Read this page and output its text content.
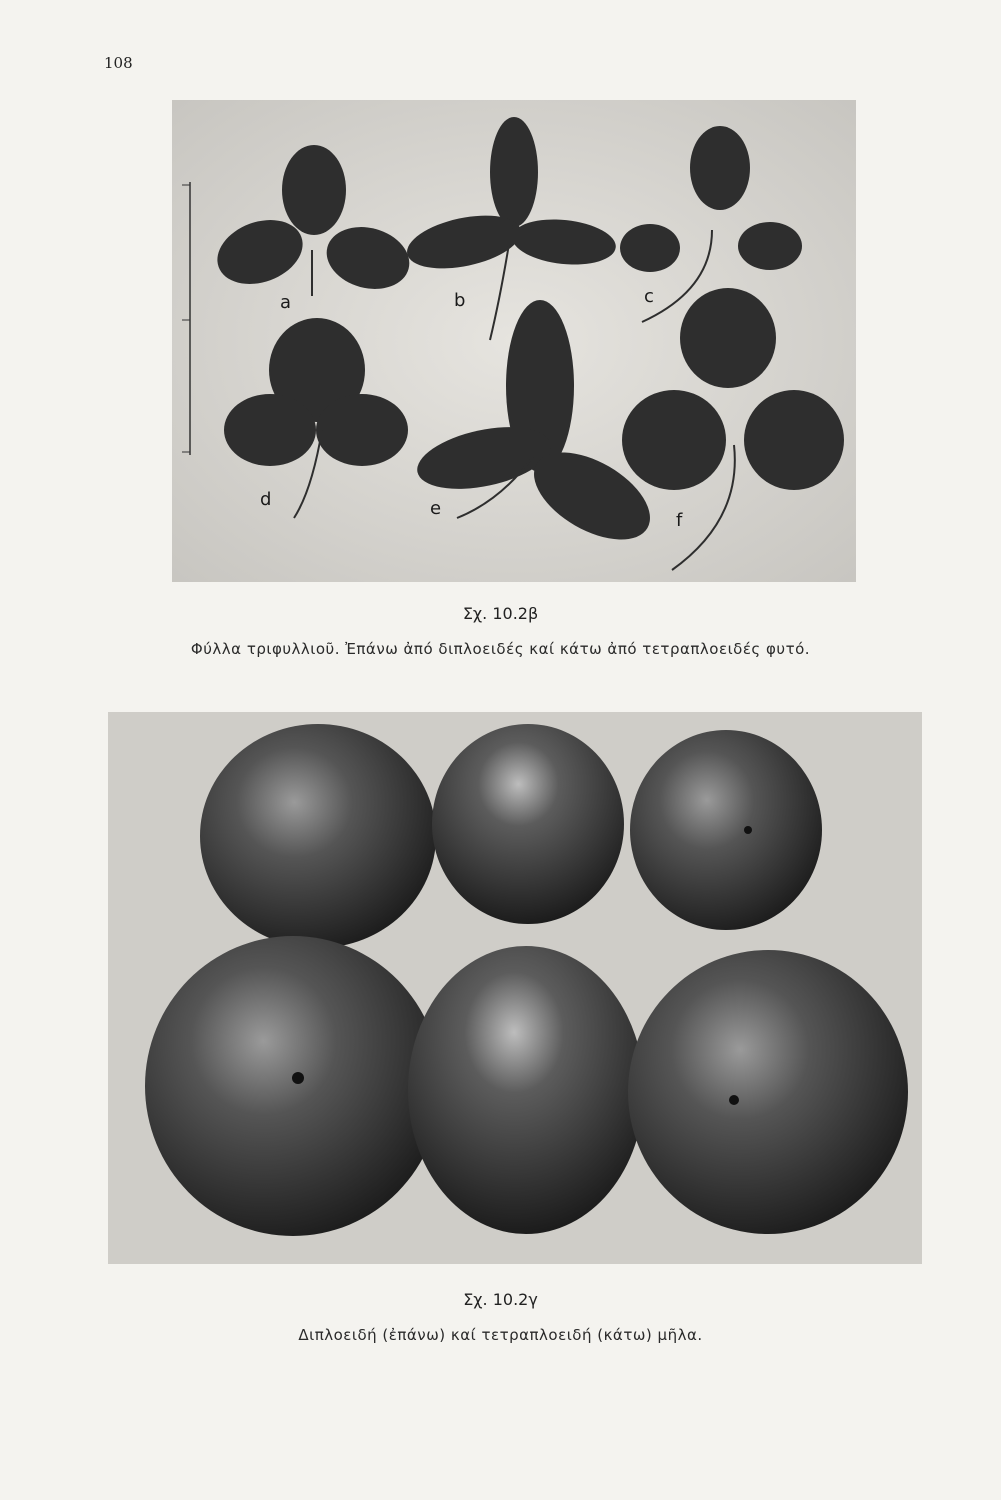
108
a	b	c
d	e
f
Σχ. 10.2β
Φύλλα τριφυλλιοῦ. Ἐπάνω ἀπό διπλοειδές καί κάτω ἀπό τετραπλοειδές φυτό.
Σχ. 10.2γ
Διπλοειδή (ἐπάνω) καί τετραπλοειδή (κάτω) μῆλα.
